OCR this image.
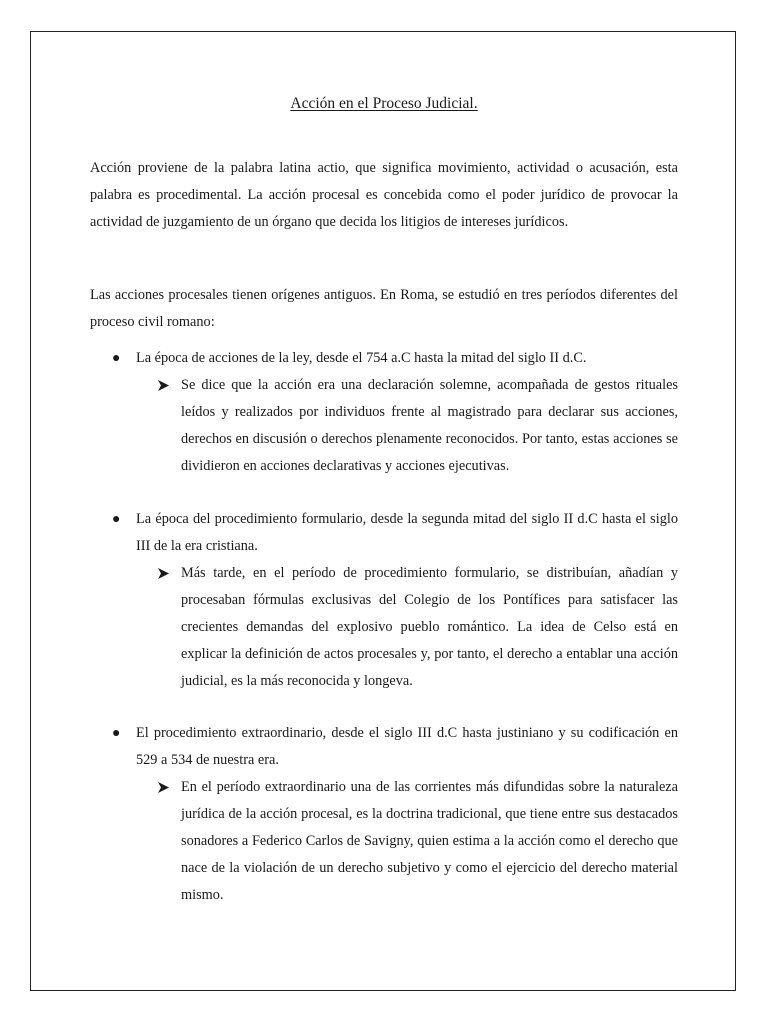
Acción en el Proceso Judicial.

Acción proviene de la palabra latina actio, que significa movimiento, actividad o acusación, esta palabra es procedimental. La acción procesal es concebida como el poder jurídico de provocar la actividad de juzgamiento de un órgano que decida los litigios de intereses jurídicos.

Las acciones procesales tienen orígenes antiguos. En Roma, se estudió en tres períodos diferentes del proceso civil romano:

● La época de acciones de la ley, desde el 754 a.C hasta la mitad del siglo II d.C.

Se dice que la acción era una declaración solemne, acompañada de gestos rituales leídos y realizados por individuos frente al magistrado para declarar sus acciones, derechos en discusión o derechos plenamente reconocidos. Por tanto, estas acciones se dividieron en acciones declarativas y acciones ejecutivas.

● La época del procedimiento formulario, desde la segunda mitad del siglo II d.C hasta el siglo III de la era cristiana.

Más tarde, en el período de procedimiento formulario, se distribuían, añadían y procesaban fórmulas exclusivas del Colegio de los Pontífices para satisfacer las crecientes demandas del explosivo pueblo romántico. La idea de Celso está en explicar la definición de actos procesales y, por tanto, el derecho a entablar una acción judicial, es la más reconocida y longeva.

● El procedimiento extraordinario, desde el siglo III d.C hasta justiniano y su codificación en 529 a 534 de nuestra era.

En el período extraordinario una de las corrientes más difundidas sobre la naturaleza jurídica de la acción procesal, es la doctrina tradicional, que tiene entre sus destacados sonadores a Federico Carlos de Savigny, quien estima a la acción como el derecho que nace de la violación de un derecho subjetivo y como el ejercicio del derecho material mismo.
